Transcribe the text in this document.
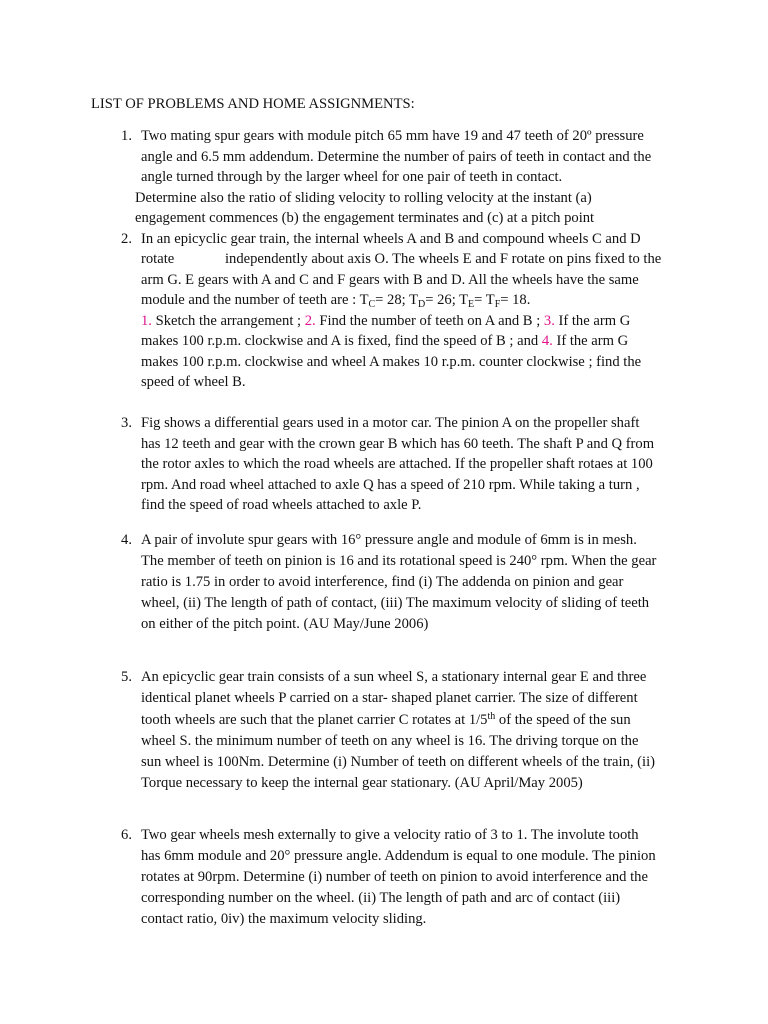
LIST OF PROBLEMS AND HOME ASSIGNMENTS:
1. Two mating spur gears with module pitch 65 mm have 19 and 47 teeth of 20º pressure
angle and 6.5 mm addendum. Determine the number of pairs of teeth in contact and the
angle turned through by the larger wheel for one pair of teeth in contact.
Determine also the ratio of sliding velocity to rolling velocity at the instant (a)
engagement commences (b) the engagement terminates and (c) at a pitch point
2. In an epicyclic gear train, the internal wheels A and B and compound wheels C and D
rotate	independently about axis O. The wheels E and F rotate on pins fixed to the
arm G. E gears with A and C and F gears with B and D. All the wheels have the same
module and the number of teeth are : $T_C= 28$; $T_D= 26$; $T_E= T_F= 18$.
1. Sketch the arrangement ; 2. Find the number of teeth on A and B ; 3. If the arm G
makes 100 r.p.m. clockwise and A is fixed, find the speed of B ; and 4. If the arm G
makes 100 r.p.m. clockwise and wheel A makes 10 r.p.m. counter clockwise ; find the
speed of wheel B.
3. Fig shows a differential gears used in a motor car. The pinion A on the propeller shaft
has 12 teeth and gear with the crown gear B which has 60 teeth. The shaft P and Q from
the rotor axles to which the road wheels are attached. If the propeller shaft rotaes at 100
rpm. And road wheel attached to axle Q has a speed of 210 rpm. While taking a turn ,
find the speed of road wheels attached to axle P.
4. A pair of involute spur gears with 16° pressure angle and module of 6mm is in mesh.
The member of teeth on pinion is 16 and its rotational speed is 240° rpm. When the gear
ratio is 1.75 in order to avoid interference, find (i) The addenda on pinion and gear
wheel, (ii) The length of path of contact, (iii) The maximum velocity of sliding of teeth
on either of the pitch point. (AU May/June 2006)
5. An epicyclic gear train consists of a sun wheel S, a stationary internal gear E and three
identical planet wheels P carried on a star- shaped planet carrier. The size of different
tooth wheels are such that the planet carrier C rotates at 1/5th of the speed of the sun
wheel S. the minimum number of teeth on any wheel is 16. The driving torque on the
sun wheel is 100Nm. Determine (i) Number of teeth on different wheels of the train, (ii)
Torque necessary to keep the internal gear stationary. (AU April/May 2005)
6. Two gear wheels mesh externally to give a velocity ratio of 3 to 1. The involute tooth
has 6mm module and 20° pressure angle. Addendum is equal to one module. The pinion
rotates at 90rpm. Determine (i) number of teeth on pinion to avoid interference and the
corresponding number on the wheel. (ii) The length of path and arc of contact (iii)
contact ratio, 0iv) the maximum velocity sliding.
